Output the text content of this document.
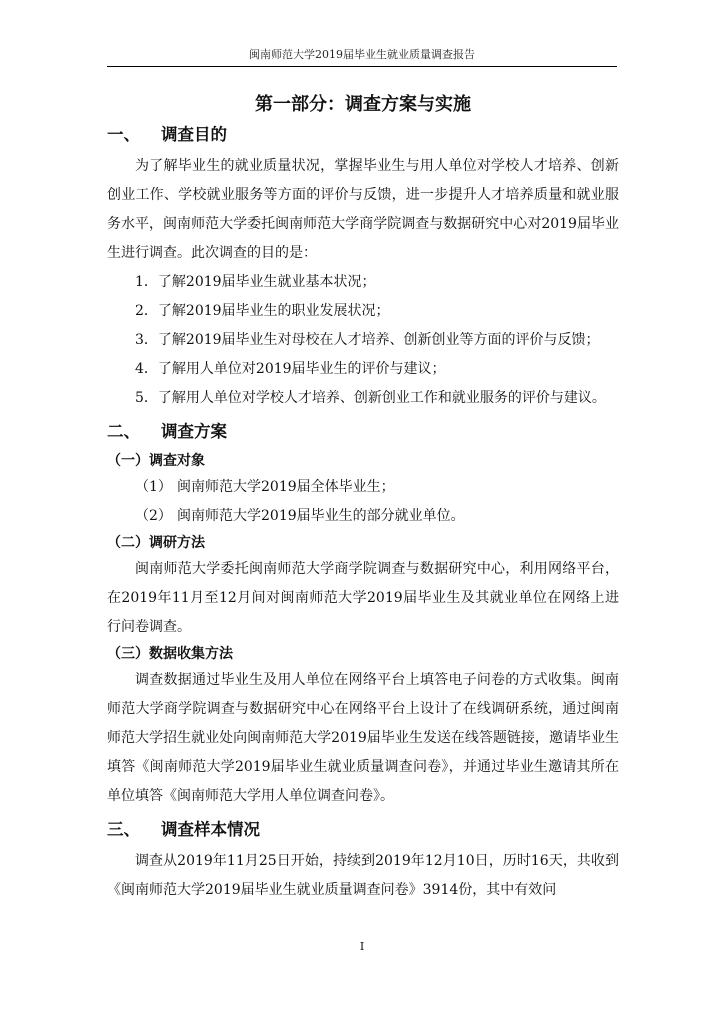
闽南师范大学2019届毕业生就业质量调查报告

第一部分：调查方案与实施

一、	调查目的

为了解毕业生的就业质量状况，掌握毕业生与用人单位对学校人才培养、创新创业工作、学校就业服务等方面的评价与反馈，进一步提升人才培养质量和就业服务水平，闽南师范大学委托闽南师范大学商学院调查与数据研究中心对2019届毕业生进行调查。此次调查的目的是：

1．了解2019届毕业生就业基本状况；

2．了解2019届毕业生的职业发展状况；

3．了解2019届毕业生对母校在人才培养、创新创业等方面的评价与反馈；

4．了解用人单位对2019届毕业生的评价与建议；

5．了解用人单位对学校人才培养、创新创业工作和就业服务的评价与建议。

二、	调查方案

（一）调查对象

（1） 闽南师范大学2019届全体毕业生；
（2） 闽南师范大学2019届毕业生的部分就业单位。

（二）调研方法

闽南师范大学委托闽南师范大学商学院调查与数据研究中心，利用网络平台，在2019年11月至12月间对闽南师范大学2019届毕业生及其就业单位在网络上进行问卷调查。

（三）数据收集方法

调查数据通过毕业生及用人单位在网络平台上填答电子问卷的方式收集。闽南师范大学商学院调查与数据研究中心在网络平台上设计了在线调研系统，通过闽南师范大学招生就业处向闽南师范大学2019届毕业生发送在线答题链接，邀请毕业生填答《闽南师范大学2019届毕业生就业质量调查问卷》，并通过毕业生邀请其所在单位填答《闽南师范大学用人单位调查问卷》。

三、	调查样本情况

调查从2019年11月25日开始，持续到2019年12月10日，历时16天，共收到《闽南师范大学2019届毕业生就业质量调查问卷》3914份，其中有效问

I
